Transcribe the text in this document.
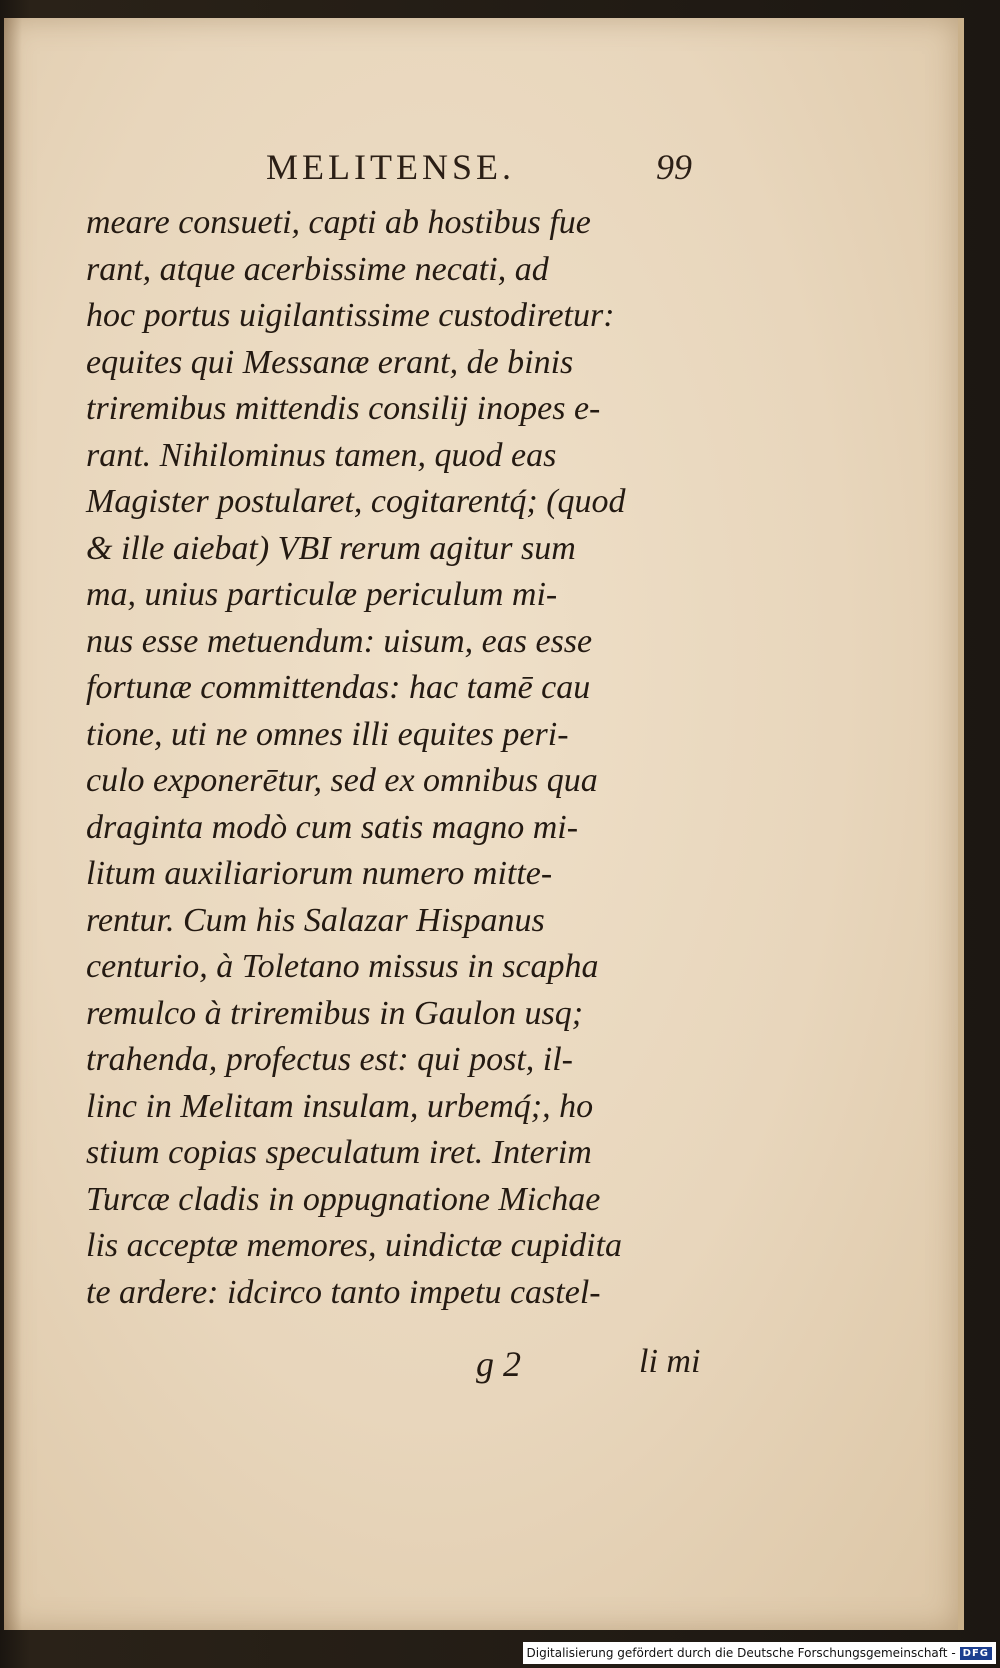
MELITENSE.	99
meare consueti, capti ab hostibus fue
rant, atque acerbissime necati, ad
hoc portus uigilantissime custodiretur:
equites qui Messanæ erant, de binis
triremibus mittendis consilij inopes e-
rant. Nihilominus tamen, quod eas
Magister postularet, cogitarentq́; (quod
& ille aiebat) VBI rerum agitur sum
ma, unius particulæ periculum mi-
nus esse metuendum: uisum, eas esse
fortunæ committendas: hac tamē cau
tione, uti ne omnes illi equites peri-
culo exponerētur, sed ex omnibus qua
draginta modò cum satis magno mi-
litum auxiliariorum numero mitte-
rentur. Cum his Salazar Hispanus
centurio, à Toletano missus in scapha
remulco à triremibus in Gaulon usq;
trahenda, profectus est: qui post, il-
linc in Melitam insulam, urbemq́;, ho
stium copias speculatum iret. Interim
Turcæ cladis in oppugnatione Michae
lis acceptæ memores, uindictæ cupidita
te ardere: idcirco tanto impetu castel-
g 2	li mi
Digitalisierung gefördert durch die Deutsche Forschungsgemeinschaft - DFG
